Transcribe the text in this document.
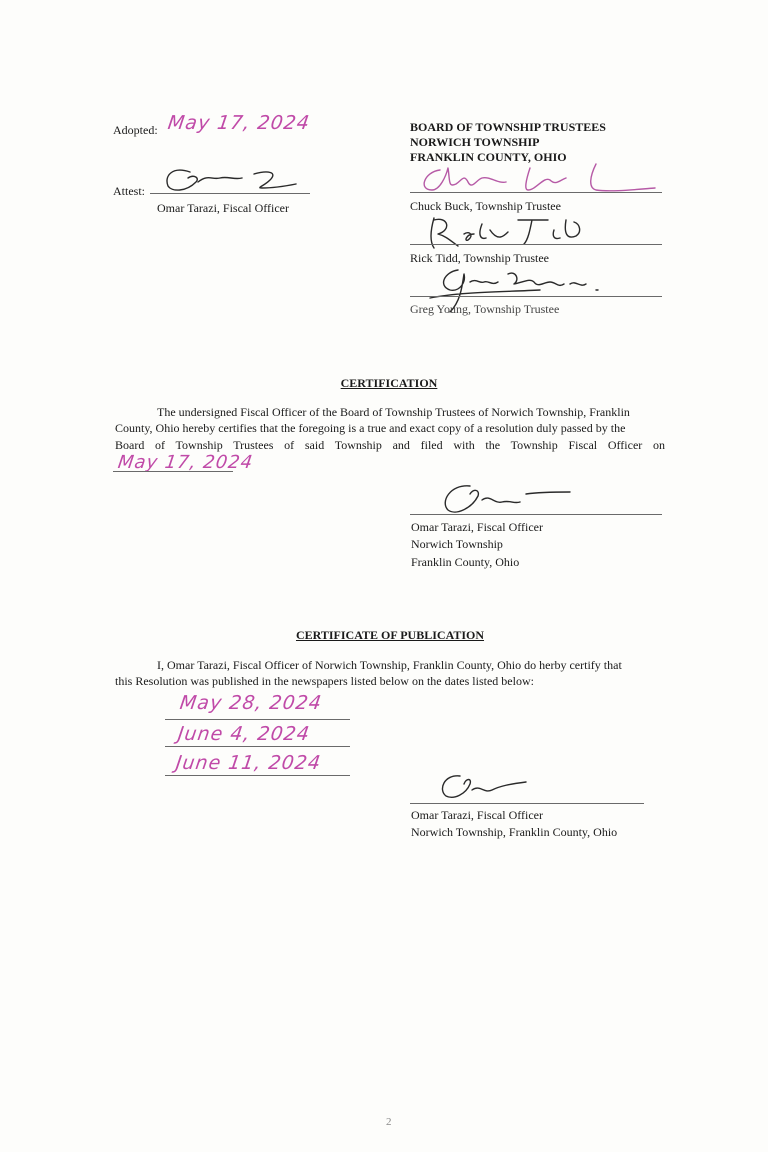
Adopted: May 17, 2024
Attest:
Omar Tarazi, Fiscal Officer
BOARD OF TOWNSHIP TRUSTEES
NORWICH TOWNSHIP
FRANKLIN COUNTY, OHIO
Chuck Buck, Township Trustee
Rick Tidd, Township Trustee
Greg Young, Township Trustee
CERTIFICATION
The undersigned Fiscal Officer of the Board of Township Trustees of Norwich Township, Franklin
County, Ohio hereby certifies that the foregoing is a true and exact copy of a resolution duly passed by the
Board of Township Trustees of said Township and filed with the Township Fiscal Officer on
May 17, 2024
Omar Tarazi, Fiscal Officer
Norwich Township
Franklin County, Ohio
CERTIFICATE OF PUBLICATION
I, Omar Tarazi, Fiscal Officer of Norwich Township, Franklin County, Ohio do herby certify that
this Resolution was published in the newspapers listed below on the dates listed below:
May 28, 2024
June 4, 2024
June 11, 2024
Omar Tarazi, Fiscal Officer
Norwich Township, Franklin County, Ohio
2
